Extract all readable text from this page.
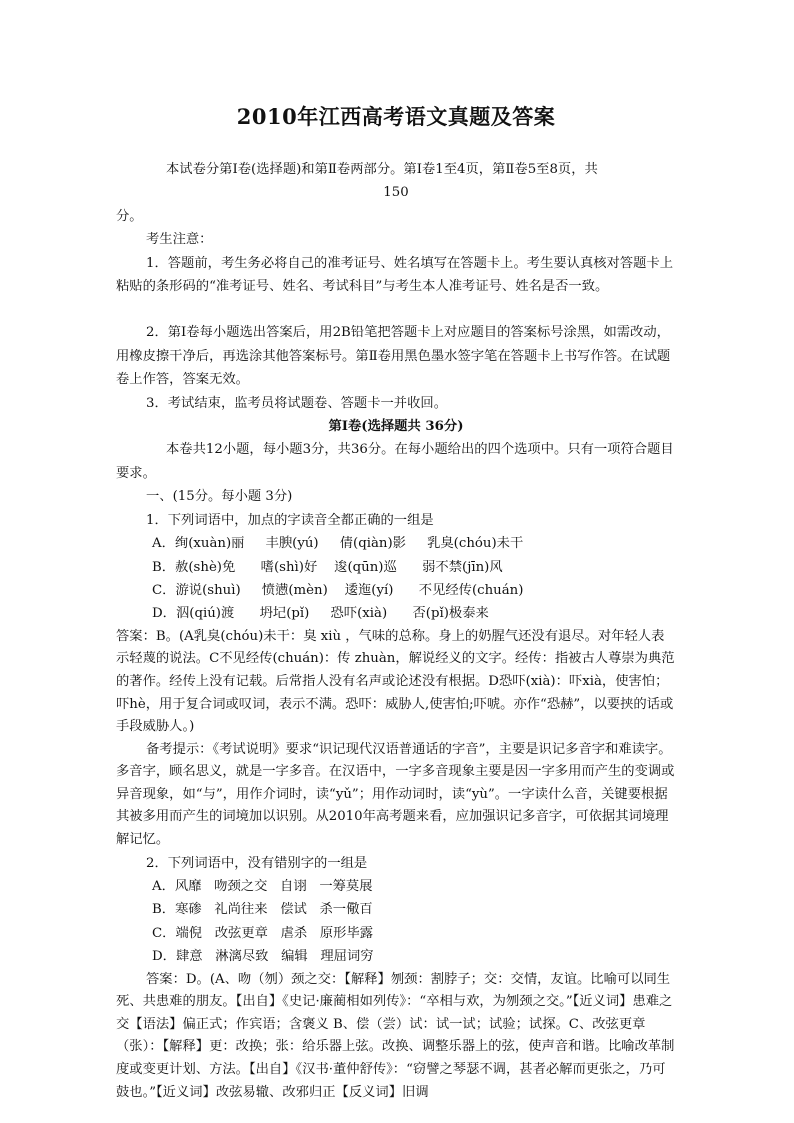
2010年江西高考语文真题及答案

本试卷分第Ⅰ卷(选择题)和第Ⅱ卷两部分。第Ⅰ卷1至4页，第Ⅱ卷5至8页，共

150

分。

考生注意：

1．答题前，考生务必将自己的准考证号、姓名填写在答题卡上。考生要认真核对答题卡上粘贴的条形码的“准考证号、姓名、考试科目”与考生本人准考证号、姓名是否一致。

2．第Ⅰ卷每小题选出答案后，用2B铅笔把答题卡上对应题目的答案标号涂黑，如需改动，用橡皮擦干净后，再选涂其他答案标号。第Ⅱ卷用黑色墨水签字笔在答题卡上书写作答。在试题卷上作答，答案无效。

3．考试结束，监考员将试题卷、答题卡一并收回。

第Ⅰ卷(选择题共 36分)

本卷共12小题，每小题3分，共36分。在每小题给出的四个选项中。只有一项符合题目要求。

一、(15分。每小题 3分)

1．下列词语中，加点的字读音全都正确的一组是

A．绚(xuàn)丽     丰腴(yú)     倩(qiàn)影     乳臭(chóu)未干

B．赦(shè)免      嗜(shì)好    逡(qūn)巡      弱不禁(jīn)风

C．游说(shuì)     愤懑(mèn)    逶迤(yí)      不见经传(chuán)

D．泅(qiú)渡      坍圮(pǐ)     恐吓(xià)      否(pǐ)极泰来

答案：B。(A乳臭(chóu)未干：臭 xiù ，气味的总称。身上的奶腥气还没有退尽。对年轻人表示轻蔑的说法。C不见经传(chuán)：传 zhuàn，解说经义的文字。经传：指被古人尊崇为典范的著作。经传上没有记载。后常指人没有名声或论述没有根据。D恐吓(xià)：吓xià，使害怕；吓hè，用于复合词或叹词，表示不满。恐吓：威胁人,使害怕;吓唬。亦作“恐赫”，以要挟的话或手段威胁人。)

备考提示：《考试说明》要求“识记现代汉语普通话的字音”，主要是识记多音字和难读字。多音字，顾名思义，就是一字多音。在汉语中，一字多音现象主要是因一字多用而产生的变调或异音现象，如“与”，用作介词时，读“yǔ”；用作动词时，读“yù”。一字读什么音，关键要根据其被多用而产生的词境加以识别。从2010年高考题来看，应加强识记多音字，可依据其词境理解记忆。

2．下列词语中，没有错别字的一组是

A．风靡   吻颈之交   自诩   一筹莫展

B．寒碜   礼尚往来   偿试   杀一儆百

C．端倪   改弦更章   虐杀   原形毕露

D．肆意   淋漓尽致   编辑   理屈词穷

答案：D。(A、吻（刎）颈之交：【解释】刎颈：割脖子；交：交情，友谊。比喻可以同生死、共患难的朋友。【出自】《史记·廉蔺相如列传》：“卒相与欢，为刎颈之交。”【近义词】患难之交【语法】偏正式；作宾语；含褒义 B、偿（尝）试：试一试；试验；试探。C、改弦更章（张）：【解释】更：改换；张：给乐器上弦。改换、调整乐器上的弦，使声音和谐。比喻改革制度或变更计划、方法。【出自】《汉书·董仲舒传》：“窃譬之琴瑟不调，甚者必解而更张之，乃可鼓也。”【近义词】改弦易辙、改邪归正【反义词】旧调
